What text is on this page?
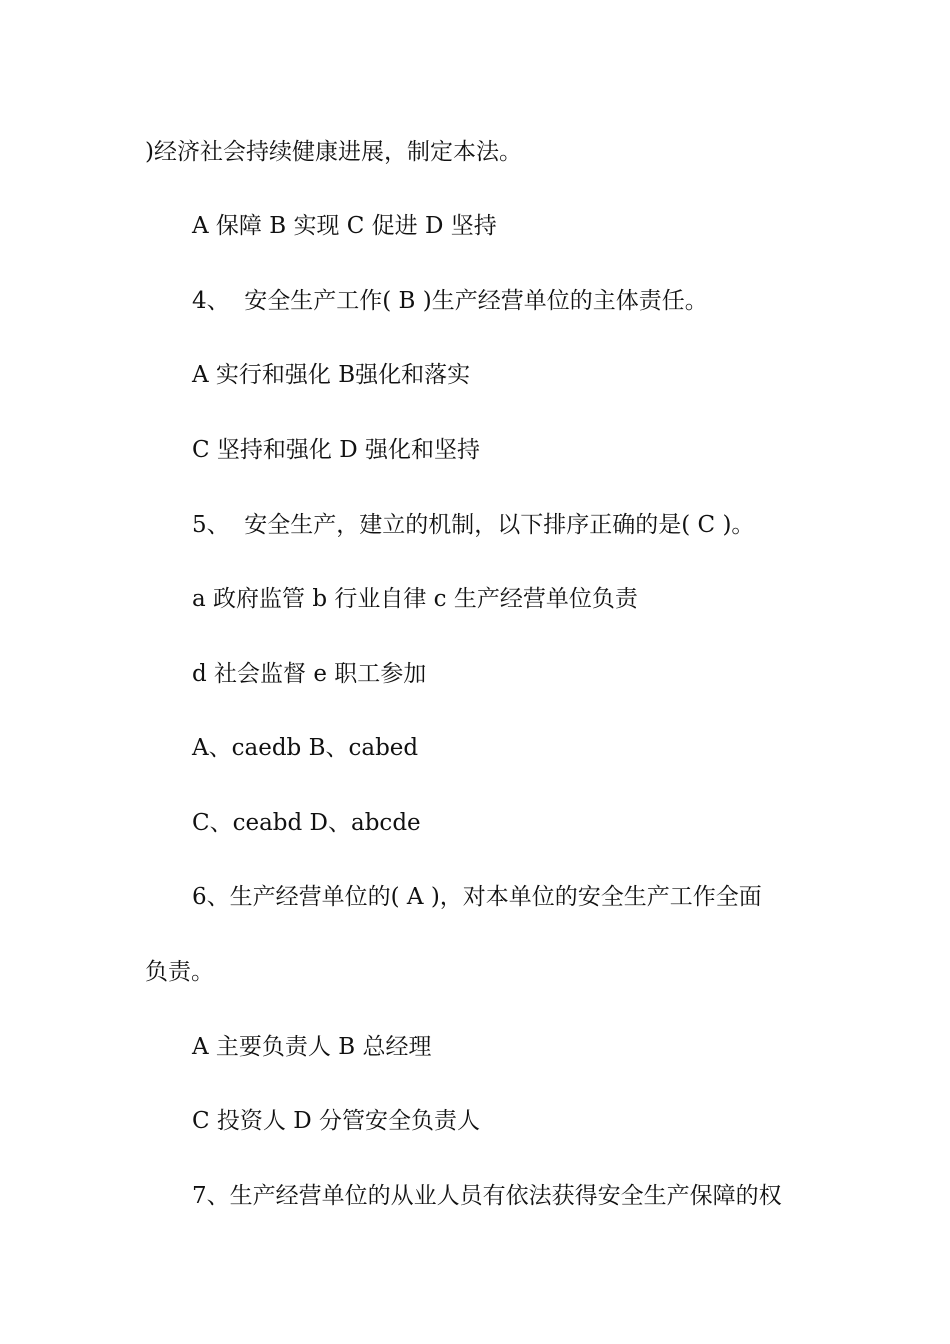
)经济社会持续健康进展，制定本法。
A 保障 B 实现 C 促进 D 坚持
4、  安全生产工作( B )生产经营单位的主体责任。
A 实行和强化 B强化和落实
C 坚持和强化 D 强化和坚持
5、  安全生产，建立的机制，以下排序正确的是( C )。
a 政府监管 b 行业自律 c 生产经营单位负责
d 社会监督 e 职工参加
A、caedb B、cabed
C、ceabd D、abcde
6、生产经营单位的( A )，对本单位的安全生产工作全面
负责。
A 主要负责人 B 总经理
C 投资人 D 分管安全负责人
7、生产经营单位的从业人员有依法获得安全生产保障的权
